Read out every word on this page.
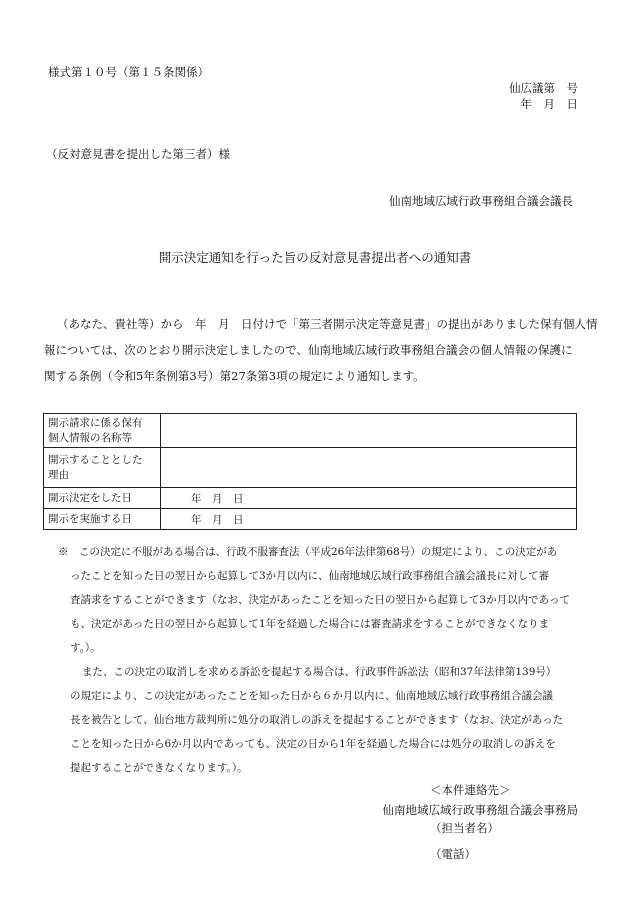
様式第１０号（第１５条関係）
仙広議第　号
年　月　日
（反対意見書を提出した第三者）様
仙南地域広域行政事務組合議会議長
開示決定通知を行った旨の反対意見書提出者への通知書
（あなた、貴社等）から　年　月　日付けで「第三者開示決定等意見書」の提出がありました保有個人情
報については、次のとおり開示決定しましたので、仙南地域広域行政事務組合議会の個人情報の保護に
関する条例（令和5年条例第3号）第27条第3項の規定により通知します。
開示請求に係る保有
個人情報の名称等	

開示することとした
理由	

開示決定をした日	年　月　日

開示を実施する日	年　月　日
※　この決定に不服がある場合は、行政不服審査法（平成26年法律第68号）の規定により、この決定があ
ったことを知った日の翌日から起算して3か月以内に、仙南地域広域行政事務組合議会議長に対して審
査請求をすることができます（なお、決定があったことを知った日の翌日から起算して3か月以内であって
も、決定があった日の翌日から起算して1年を経過した場合には審査請求をすることができなくなりま
す。）。
また、この決定の取消しを求める訴訟を提起する場合は、行政事件訴訟法（昭和37年法律第139号）
の規定により、この決定があったことを知った日から６か月以内に、仙南地域広域行政事務組合議会議
長を被告として、仙台地方裁判所に処分の取消しの訴えを提起することができます（なお、決定があった
ことを知った日から6か月以内であっても、決定の日から1年を経過した場合には処分の取消しの訴えを
提起することができなくなります。）。
＜本件連絡先＞
仙南地域広域行政事務組合議会事務局
（担当者名）
（電話）
